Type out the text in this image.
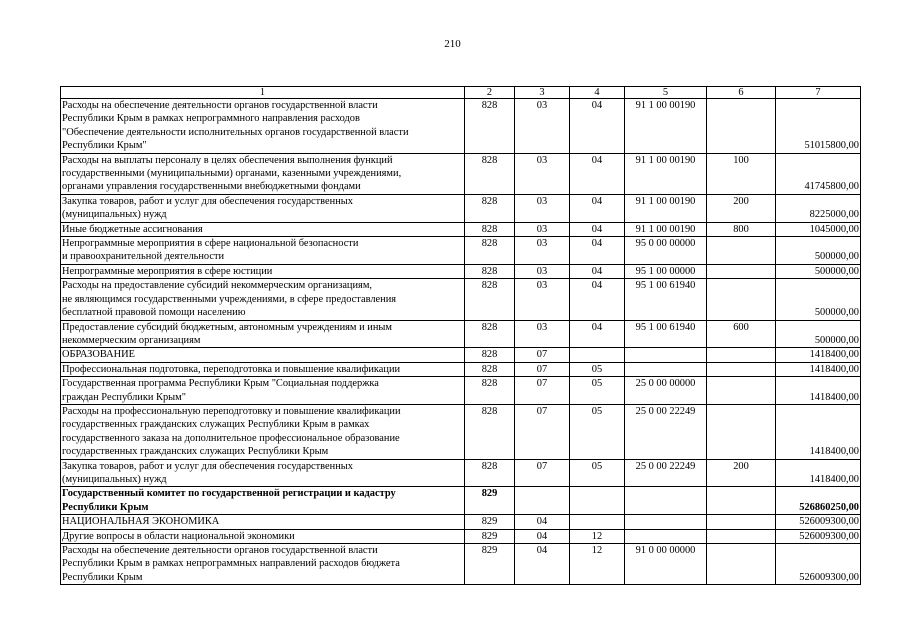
210
1	2	3	4	5	6	7

Расходы на обеспечение деятельности органов государственной власти
Республики Крым в рамках непрограммного направления расходов
"Обеспечение деятельности исполнительных органов государственной власти
Республики Крым"	828	03	04	91 1 00 00190		51015800,00

Расходы на выплаты персоналу в целях обеспечения выполнения функций
государственными (муниципальными) органами, казенными учреждениями,
органами управления государственными внебюджетными фондами	828	03	04	91 1 00 00190	100	41745800,00

Закупка товаров, работ и услуг для обеспечения государственных
(муниципальных) нужд	828	03	04	91 1 00 00190	200	8225000,00

Иные бюджетные ассигнования	828	03	04	91 1 00 00190	800	1045000,00

Непрограммные мероприятия в сфере национальной безопасности
и правоохранительной деятельности	828	03	04	95 0 00 00000		500000,00

Непрограммные мероприятия в сфере юстиции	828	03	04	95 1 00 00000		500000,00

Расходы на предоставление субсидий некоммерческим организациям,
не являющимся государственными учреждениями, в сфере предоставления
бесплатной правовой помощи населению	828	03	04	95 1 00 61940		500000,00

Предоставление субсидий бюджетным, автономным учреждениям и иным
некоммерческим организациям	828	03	04	95 1 00 61940	600	500000,00

ОБРАЗОВАНИЕ	828	07				1418400,00

Профессиональная подготовка, переподготовка и повышение квалификации	828	07	05			1418400,00

Государственная программа Республики Крым "Социальная поддержка
граждан Республики Крым"	828	07	05	25 0 00 00000		1418400,00

Расходы на профессиональную переподготовку и повышение квалификации
государственных гражданских служащих Республики Крым в рамках
государственного заказа на дополнительное профессиональное образование
государственных гражданских служащих Республики Крым	828	07	05	25 0 00 22249		1418400,00

Закупка товаров, работ и услуг для обеспечения государственных
(муниципальных) нужд	828	07	05	25 0 00 22249	200	1418400,00

Государственный комитет по государственной регистрации и кадастру
Республики Крым	829					526860250,00

НАЦИОНАЛЬНАЯ ЭКОНОМИКА	829	04				526009300,00

Другие вопросы в области национальной экономики	829	04	12			526009300,00

Расходы на обеспечение деятельности органов государственной власти
Республики Крым в рамках непрограммных направлений расходов бюджета
Республики Крым	829	04	12	91 0 00 00000		526009300,00
